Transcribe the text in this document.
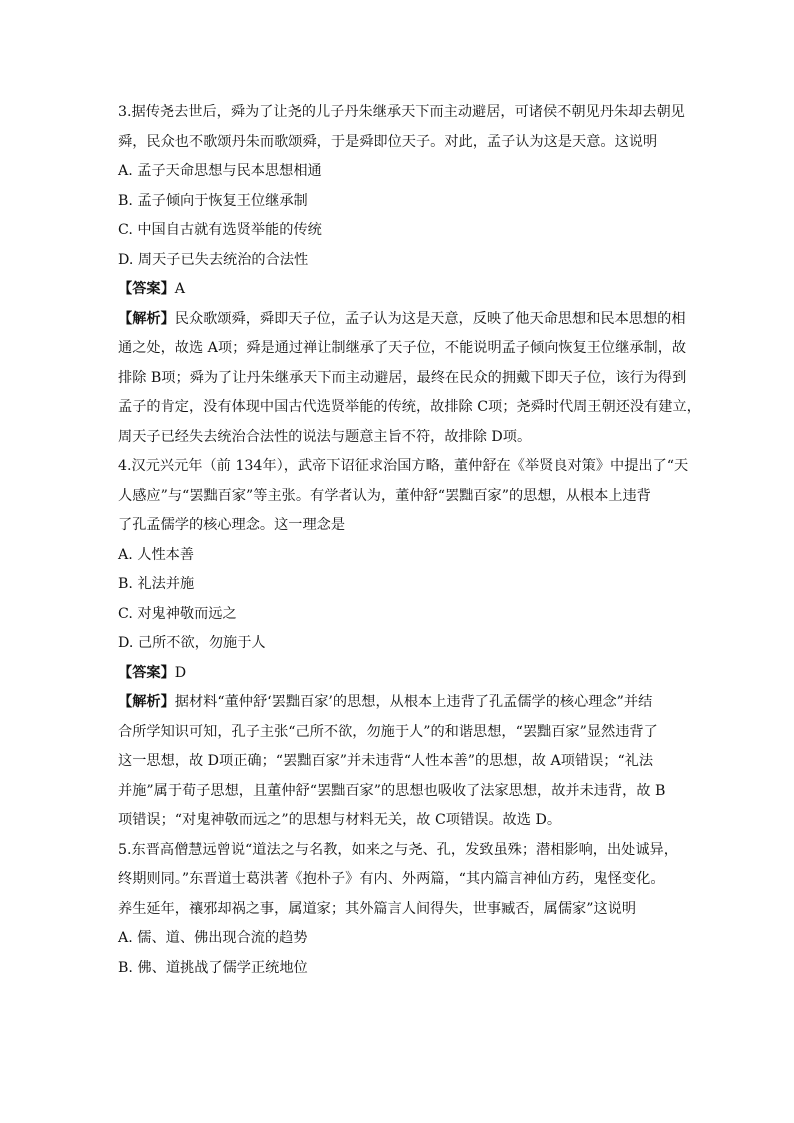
3.据传尧去世后，舜为了让尧的儿子丹朱继承天下而主动避居，可诸侯不朝见丹朱却去朝见
舜，民众也不歌颂丹朱而歌颂舜，于是舜即位天子。对此，孟子认为这是天意。这说明
A. 孟子天命思想与民本思想相通
B. 孟子倾向于恢复王位继承制
C. 中国自古就有选贤举能的传统
D. 周天子已失去统治的合法性
【答案】A
【解析】民众歌颂舜，舜即天子位，孟子认为这是天意，反映了他天命思想和民本思想的相
通之处，故选 A项；舜是通过禅让制继承了天子位，不能说明孟子倾向恢复王位继承制，故
排除 B项；舜为了让丹朱继承天下而主动避居，最终在民众的拥戴下即天子位，该行为得到
孟子的肯定，没有体现中国古代选贤举能的传统，故排除 C项；尧舜时代周王朝还没有建立，
周天子已经失去统治合法性的说法与题意主旨不符，故排除 D项。
4.汉元兴元年（前 134年），武帝下诏征求治国方略，董仲舒在《举贤良对策》中提出了“天
人感应”与“罢黜百家”等主张。有学者认为，董仲舒“罢黜百家”的思想，从根本上违背
了孔孟儒学的核心理念。这一理念是
A. 人性本善
B. 礼法并施
C. 对鬼神敬而远之
D. 己所不欲，勿施于人
【答案】D
【解析】据材料“董仲舒‘罢黜百家’的思想，从根本上违背了孔孟儒学的核心理念”并结
合所学知识可知，孔子主张“己所不欲，勿施于人”的和谐思想，“罢黜百家”显然违背了
这一思想，故 D项正确；“罢黜百家”并未违背“人性本善”的思想，故 A项错误；“礼法
并施”属于荀子思想，且董仲舒“罢黜百家”的思想也吸收了法家思想，故并未违背，故 B
项错误；“对鬼神敬而远之”的思想与材料无关，故 C项错误。故选 D。
5.东晋高僧慧远曾说“道法之与名教，如来之与尧、孔，发致虽殊；潜相影响，出处诚异，
终期则同。”东晋道士葛洪著《抱朴子》有内、外两篇，“其内篇言神仙方药，鬼怪变化。
养生延年，禳邪却祸之事，属道家；其外篇言人间得失，世事臧否，属儒家”这说明
A. 儒、道、佛出现合流的趋势
B. 佛、道挑战了儒学正统地位
